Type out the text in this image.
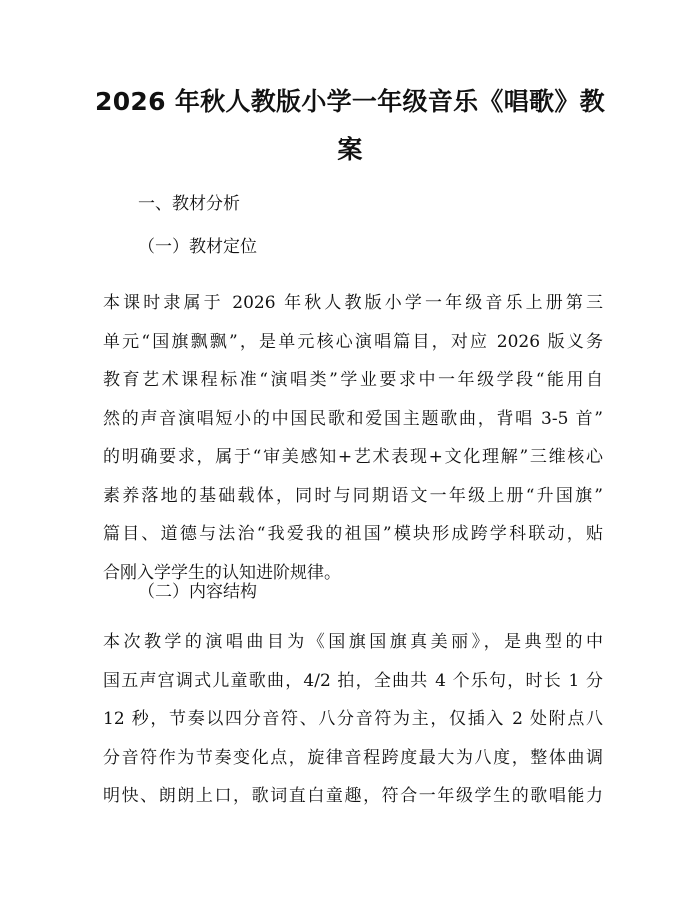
2026 年秋人教版小学一年级音乐《唱歌》教
案

一、教材分析

（一）教材定位

本课时隶属于 2026 年秋人教版小学一年级音乐上册第三
单元“国旗飘飘”，是单元核心演唱篇目，对应 2026 版义务
教育艺术课程标准“演唱类”学业要求中一年级学段“能用自
然的声音演唱短小的中国民歌和爱国主题歌曲，背唱 3-5 首”
的明确要求，属于“审美感知+艺术表现+文化理解”三维核心
素养落地的基础载体，同时与同期语文一年级上册“升国旗”
篇目、道德与法治“我爱我的祖国”模块形成跨学科联动，贴
合刚入学学生的认知进阶规律。

（二）内容结构

本次教学的演唱曲目为《国旗国旗真美丽》，是典型的中
国五声宫调式儿童歌曲，4/2 拍，全曲共 4 个乐句，时长 1 分
12 秒，节奏以四分音符、八分音符为主，仅插入 2 处附点八
分音符作为节奏变化点，旋律音程跨度最大为八度，整体曲调
明快、朗朗上口，歌词直白童趣，符合一年级学生的歌唱能力
